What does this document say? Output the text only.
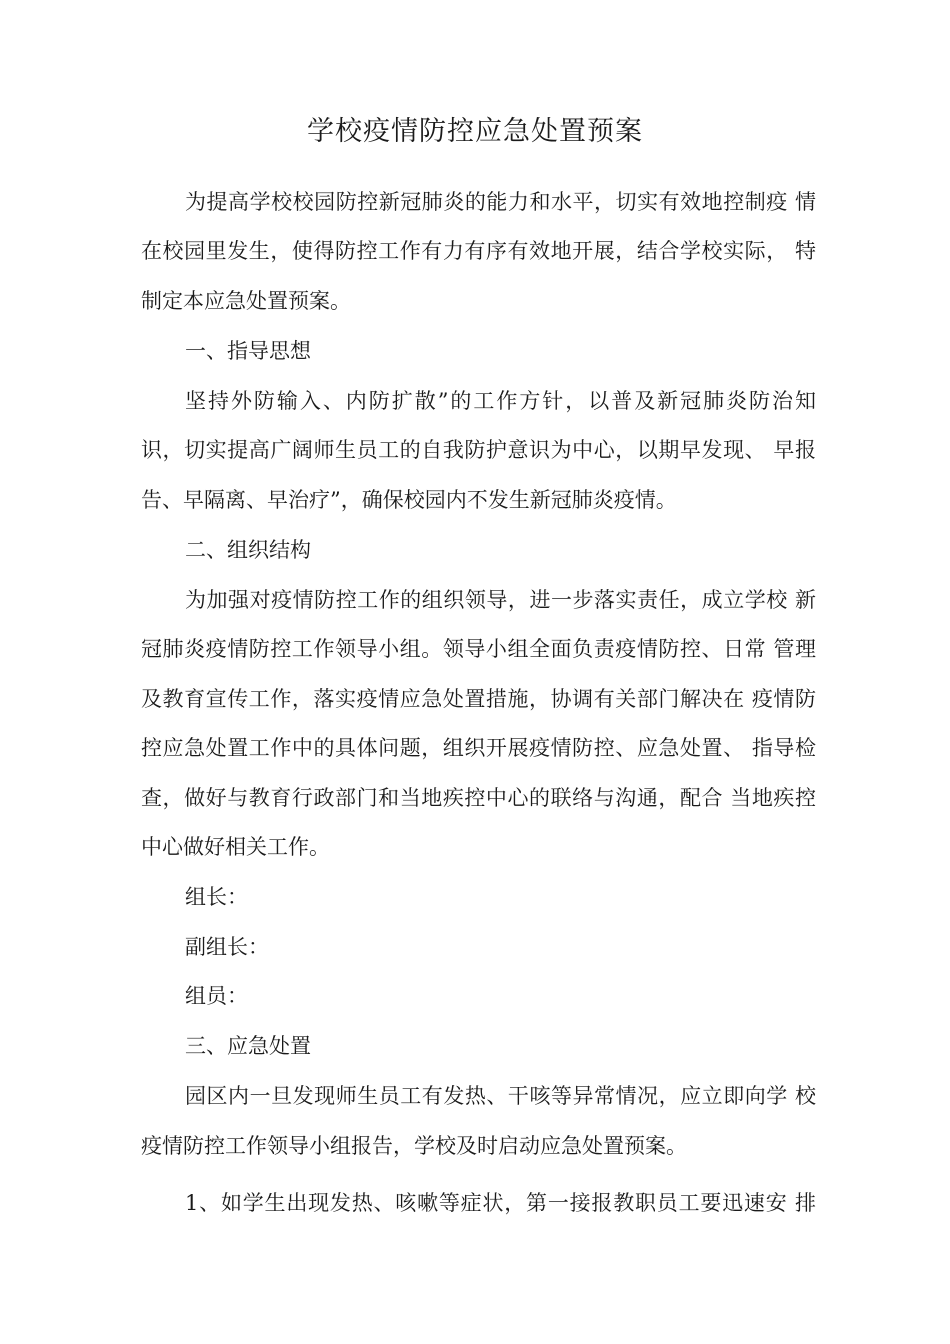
学校疫情防控应急处置预案
为提高学校校园防控新冠肺炎的能力和水平，切实有效地控制疫 情
在校园里发生，使得防控工作有力有序有效地开展，结合学校实际， 特
制定本应急处置预案。
一、指导思想
坚持外防输入、内防扩散”的工作方针，以普及新冠肺炎防治知
识，切实提高广阔师生员工的自我防护意识为中心，以期早发现、 早报
告、早隔离、早治疗”，确保校园内不发生新冠肺炎疫情。
二、组织结构
为加强对疫情防控工作的组织领导，进一步落实责任，成立学校 新
冠肺炎疫情防控工作领导小组。领导小组全面负责疫情防控、日常 管理
及教育宣传工作，落实疫情应急处置措施，协调有关部门解决在 疫情防
控应急处置工作中的具体问题，组织开展疫情防控、应急处置、 指导检
查，做好与教育行政部门和当地疾控中心的联络与沟通，配合 当地疾控
中心做好相关工作。
组长：
副组长：
组员：
三、应急处置
园区内一旦发现师生员工有发热、干咳等异常情况，应立即向学 校
疫情防控工作领导小组报告，学校及时启动应急处置预案。
1、如学生出现发热、咳嗽等症状，第一接报教职员工要迅速安 排
